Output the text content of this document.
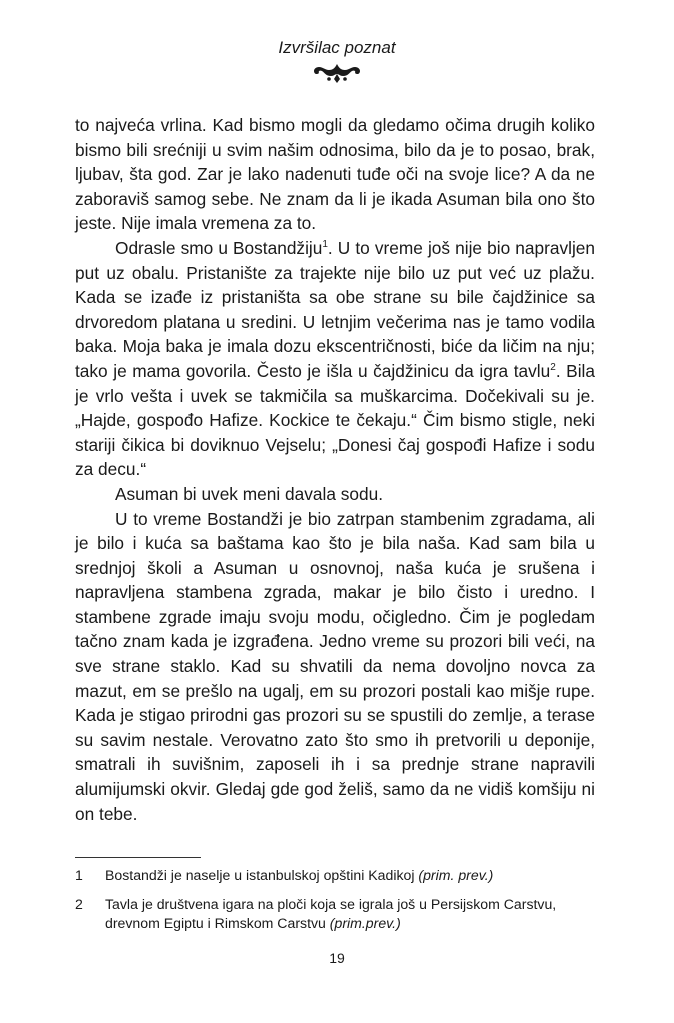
Izvršilac poznat

to najveća vrlina. Kad bismo mogli da gledamo očima drugih koliko bismo bili srećniji u svim našim odnosima, bilo da je to posao, brak, ljubav, šta god. Zar je lako nadenuti tuđe oči na svoje lice? A da ne zaboraviš samog sebe. Ne znam da li je ikada Asuman bila ono što jeste. Nije imala vremena za to.

Odrasle smo u Bostandžiju$^1$. U to vreme još nije bio napravljen put uz obalu. Pristanište za trajekte nije bilo uz put već uz plažu. Kada se izađe iz pristaništa sa obe strane su bile čajdžinice sa drvoredom platana u sredini. U letnjim večerima nas je tamo vodila baka. Moja baka je imala dozu ekscentričnosti, biće da ličim na nju; tako je mama govorila. Često je išla u čajdžinicu da igra tavlu$^2$. Bila je vrlo vešta i uvek se takmičila sa muškarcima. Dočekivali su je. „Hajde, gospođo Hafize. Kockice te čekaju.“ Čim bismo stigle, neki stariji čikica bi doviknuo Vejselu; „Donesi čaj gospođi Hafize i sodu za decu.“

Asuman bi uvek meni davala sodu.

U to vreme Bostandži je bio zatrpan stambenim zgradama, ali je bilo i kuća sa baštama kao što je bila naša. Kad sam bila u srednjoj školi a Asuman u osnovnoj, naša kuća je srušena i napravljena stambena zgrada, makar je bilo čisto i uredno. I stambene zgrade imaju svoju modu, očigledno. Čim je pogledam tačno znam kada je izgrađena. Jedno vreme su prozori bili veći, na sve strane staklo. Kad su shvatili da nema dovoljno novca za mazut, em se prešlo na ugalj, em su prozori postali kao mišje rupe. Kada je stigao prirodni gas prozori su se spustili do zemlje, a terase su savim nestale. Verovatno zato što smo ih pretvorili u deponije, smatrali ih suvišnim, zaposeli ih i sa prednje strane napravili alumijumski okvir. Gledaj gde god želiš, samo da ne vidiš komšiju ni on tebe.

1	Bostandži je naselje u istanbulskoj opštini Kadikoj (prim. prev.)
2	Tavla je društvena igara na ploči koja se igrala još u Persijskom Carstvu, drevnom Egiptu i Rimskom Carstvu (prim.prev.)
19
